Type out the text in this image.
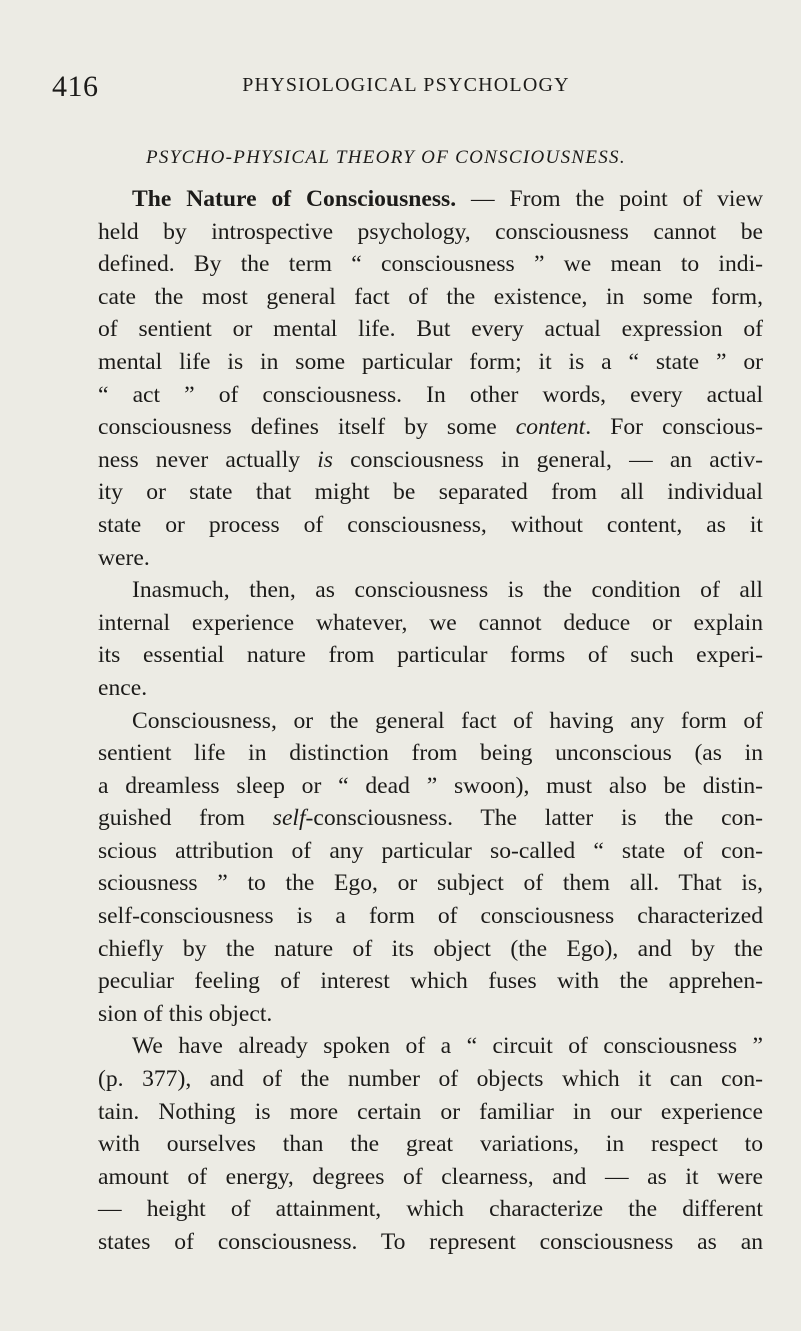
416	PHYSIOLOGICAL PSYCHOLOGY
PSYCHO-PHYSICAL THEORY OF CONSCIOUSNESS.
The Nature of Consciousness. — From the point of view
held by introspective psychology, consciousness cannot be
defined. By the term “ consciousness ” we mean to indi-
cate the most general fact of the existence, in some form,
of sentient or mental life. But every actual expression of
mental life is in some particular form; it is a “ state ” or
“ act ” of consciousness. In other words, every actual
consciousness defines itself by some content. For conscious-
ness never actually is consciousness in general, — an activ-
ity or state that might be separated from all individual
state or process of consciousness, without content, as it
were.
Inasmuch, then, as consciousness is the condition of all
internal experience whatever, we cannot deduce or explain
its essential nature from particular forms of such experi-
ence.
Consciousness, or the general fact of having any form of
sentient life in distinction from being unconscious (as in
a dreamless sleep or “ dead ” swoon), must also be distin-
guished from self-consciousness. The latter is the con-
scious attribution of any particular so-called “ state of con-
sciousness ” to the Ego, or subject of them all. That is,
self-consciousness is a form of consciousness characterized
chiefly by the nature of its object (the Ego), and by the
peculiar feeling of interest which fuses with the apprehen-
sion of this object.
We have already spoken of a “ circuit of consciousness ”
(p. 377), and of the number of objects which it can con-
tain. Nothing is more certain or familiar in our experience
with ourselves than the great variations, in respect to
amount of energy, degrees of clearness, and — as it were
— height of attainment, which characterize the different
states of consciousness. To represent consciousness as an
